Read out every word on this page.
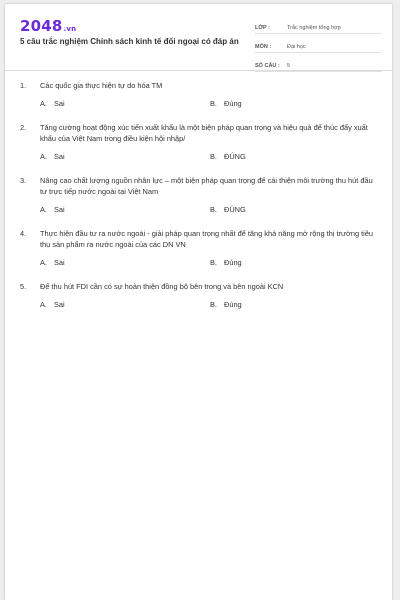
2048.vn
5 câu trắc nghiệm Chính sách kinh tế đối ngoại có đáp án
LỚP :	Trắc nghiệm tổng hợp
MÔN :	Đại học
SỐ CÂU :	5
1.	Các quốc gia thực hiện tự do hóa TM
A. Sai	B. Đúng
2.	Tăng cường hoạt động xúc tiến xuất khẩu là một biện pháp quan trọng và hiệu quả để thúc đẩy xuất khẩu của Việt Nam trong điều kiện hội nhập/
A. Sai	B. ĐÚNG
3.	Nâng cao chất lượng nguồn nhân lực – một biện pháp quan trọng để cải thiện môi trường thu hút đầu tư trực tiếp nước ngoài tại Việt Nam
A. Sai	B. ĐÚNG
4.	Thực hiện đầu tư ra nước ngoài - giải pháp quan trọng nhất để tăng khả năng mở rộng thị trường tiêu thụ sản phẩm ra nước ngoài của các DN VN
A. Sai	B. Đúng
5.	Để thu hút FDI cần có sự hoàn thiện đồng bộ bên trong và bên ngoài KCN
A. Sai	B. Đúng
